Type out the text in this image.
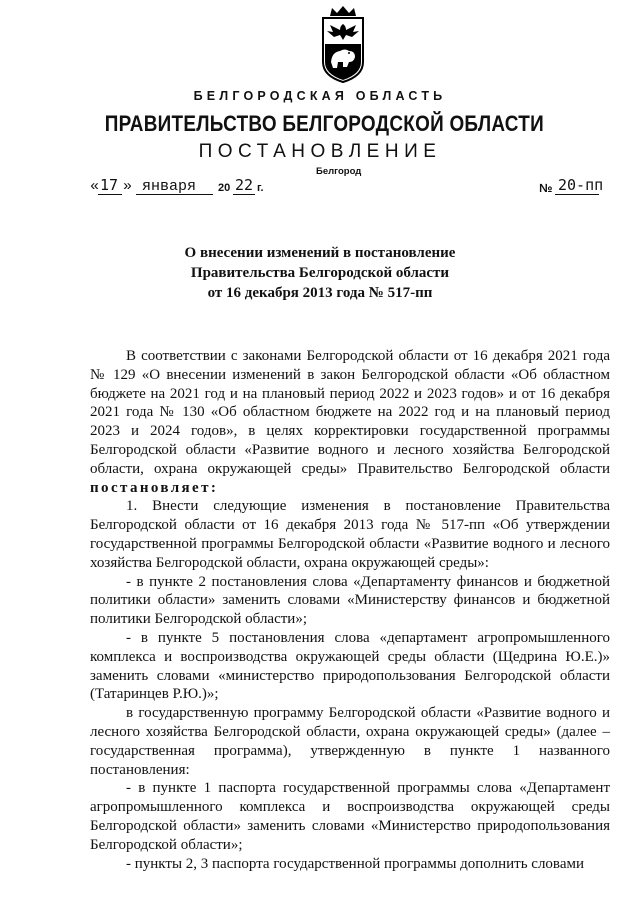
БЕЛГОРОДСКАЯ ОБЛАСТЬ
ПРАВИТЕЛЬСТВО БЕЛГОРОДСКОЙ ОБЛАСТИ
ПОСТАНОВЛЕНИЕ
Белгород
« 17 » января 20 22 г.	№ 20-пп
О внесении изменений в постановление
Правительства Белгородской области
от 16 декабря 2013 года № 517-пп

В соответствии с законами Белгородской области от 16 декабря 2021 года № 129 «О внесении изменений в закон Белгородской области «Об областном бюджете на 2021 год и на плановый период 2022 и 2023 годов» и от 16 декабря 2021 года № 130 «Об областном бюджете на 2022 год и на плановый период 2023 и 2024 годов», в целях корректировки государственной программы Белгородской области «Развитие водного и лесного хозяйства Белгородской области, охрана окружающей среды» Правительство Белгородской области постановляет:

1. Внести следующие изменения в постановление Правительства Белгородской области от 16 декабря 2013 года № 517-пп «Об утверждении государственной программы Белгородской области «Развитие водного и лесного хозяйства Белгородской области, охрана окружающей среды»:

- в пункте 2 постановления слова «Департаменту финансов и бюджетной политики области» заменить словами «Министерству финансов и бюджетной политики Белгородской области»;

- в пункте 5 постановления слова «департамент агропромышленного комплекса и воспроизводства окружающей среды области (Щедрина Ю.Е.)» заменить словами «министерство природопользования Белгородской области (Татаринцев Р.Ю.)»;

в государственную программу Белгородской области «Развитие водного и лесного хозяйства Белгородской области, охрана окружающей среды» (далее – государственная программа), утвержденную в пункте 1 названного постановления:

- в пункте 1 паспорта государственной программы слова «Департамент агропромышленного комплекса и воспроизводства окружающей среды Белгородской области» заменить словами «Министерство природопользования Белгородской области»;

- пункты 2, 3 паспорта государственной программы дополнить словами
